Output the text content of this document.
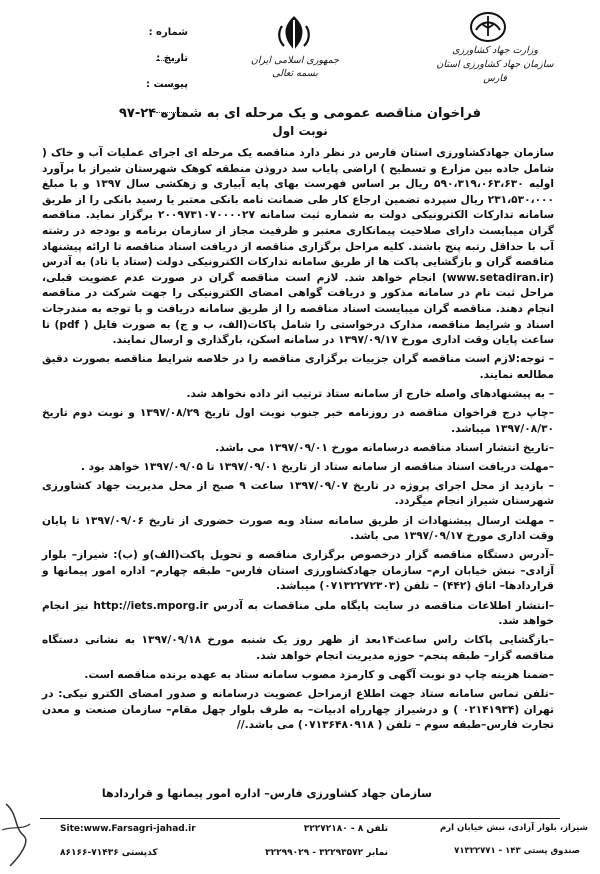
شماره :
تاریخ :
پیوست :
جمهوری اسلامی ایران
بسمه تعالی
وزارت جهاد کشاورزی
سازمان جهاد کشاورزی استان فارس
فراخوان مناقصه عمومی و یک مرحله ای به شماره ۲۴-۹۷
نوبت اول

سازمان جهادکشاورزی استان فارس در نظر دارد مناقصه یک مرحله ای اجرای عملیات آب و خاک ( شامل جاده بین مزارع و تسطیح ) اراضی پایاب سد دروذن منطقه کوهک شهرستان شیراز با برآورد اولیه ۵۹۰،۳۱۹،۰۶۳،۶۳۰ ریال بر اساس فهرست بهای پایه آبیاری و زهکشی سال ۱۳۹۷ و با مبلغ ۲۳۱،۵۳۰،۰۰۰ ریال سپرده تضمین ارجاع کار طی ضمانت نامه بانکی معتبر یا رسید بانکی را از طریق سامانه تدارکات الکترونیکی دولت به شماره ثبت سامانه ۲۰۰۹۷۳۱۰۷۰۰۰۰۲۷ برگزار نماید. مناقصه گران میبایست دارای صلاحیت پیمانکاری معتبر و ظرفیت مجاز از سازمان برنامه و بودجه در رشته آب با حداقل رتبه پنج باشند. کلیه مراحل برگزاری مناقصه از دریافت اسناد مناقصه تا ارائه پیشنهاد مناقصه گران و بازگشایی پاکت ها از طریق سامانه تدارکات الکترونیکی دولت (ستاد یا تاد) به آدرس (www.setadiran.ir) انجام خواهد شد. لازم است مناقصه گران در صورت عدم عضویت قبلی، مراحل ثبت نام در سامانه مذکور و دریافت گواهی امضای الکترونیکی را جهت شرکت در مناقصه انجام دهند. مناقصه گران میبایست اسناد مناقصه را از طریق سامانه دریافت و با توجه به مندرجات اسناد و شرایط مناقصه، مدارک درخواستی را شامل پاکات(الف، ب و ج) به صورت فایل ( pdf) تا ساعت پایان وقت اداری مورخ ۱۳۹۷/۰۹/۱۷ در سامانه اسکن، بارگذاری و ارسال نمایند.

– توجه:لازم است مناقصه گران جزییات برگزاری مناقصه را در خلاصه شرایط مناقصه بصورت دقیق مطالعه نمایند.

– به پیشنهادهای واصله خارج از سامانه ستاد ترتیب اثر داده نخواهد شد.

–چاپ درج فراخوان مناقصه در روزنامه خبر جنوب نوبت اول تاریخ ۱۳۹۷/۰۸/۲۹ و نوبت دوم تاریخ ۱۳۹۷/۰۸/۳۰ میباشد.

–تاریخ انتشار اسناد مناقصه درسامانه مورخ ۱۳۹۷/۰۹/۰۱ می باشد.

–مهلت دریافت اسناد مناقصه از سامانه ستاد از تاریخ ۱۳۹۷/۰۹/۰۱ تا ۱۳۹۷/۰۹/۰۵ خواهد بود .

– بازدید از محل اجرای پروژه در تاریخ ۱۳۹۷/۰۹/۰۷ ساعت ۹ صبح از محل مدیریت جهاد کشاورزی شهرستان شیراز انجام میگردد.

– مهلت ارسال پیشنهادات از طریق سامانه ستاد وبه صورت حضوری از تاریخ ۱۳۹۷/۰۹/۰۶ تا پایان وقت اداری مورخ ۱۳۹۷/۰۹/۱۷ می باشد.

–آدرس دستگاه مناقصه گزار درخصوص برگزاری مناقصه و تحویل پاکت(الف)و (ب): شیراز– بلوار آزادی– نبش خیابان ارم– سازمان جهادکشاورزی استان فارس– طبقه چهارم– اداره امور پیمانها و قراردادها– اتاق (۴۴۲) – تلفن (۰۷۱۳۲۲۷۲۳۰۳) میباشد.

–انتشار اطلاعات مناقصه در سایت پایگاه ملی مناقصات به آدرس http://iets.mporg.ir نیز انجام خواهد شد.

–بازگشایی پاکات راس ساعت۱۴بعد از ظهر روز یک شنبه مورخ ۱۳۹۷/۰۹/۱۸ به نشانی دستگاه مناقصه گزار– طبقه پنجم– حوزه مدیریت انجام خواهد شد.

–ضمنا هزینه چاپ دو نوبت آگهی و کارمزد مصوب سامانه ستاد به عهده برنده مناقصه است.

–تلفن تماس سامانه ستاد جهت اطلاع ازمراحل عضویت درسامانه و صدور امضای الکترو نیکی: در تهران (۰۲۱۴۱۹۳۴ ) و درشیراز چهارراه ادبیات– به طرف بلوار چهل مقام– سازمان صنعت و معدن تجارت فارس–طبقه سوم – تلفن ( ۰۷۱۳۶۴۸۰۹۱۸) می باشد.//

سازمان جهاد کشاورزی فارس– اداره امور پیمانها و قراردادها
شیراز، بلوار آزادی، نبش خیابان ارم
صندوق پستی ۱۴۳ - ۷۱۳۲۲۷۷۱
تلفن ۸ - ۳۲۲۷۲۱۸۰
نمابر ۳۲۲۹۳۵۷۲ - ۳۲۲۹۹۰۲۹
Site:www.Farsagri-jahad.ir
کدپستی ۷۱۴۳۶-۸۶۱۶۶
